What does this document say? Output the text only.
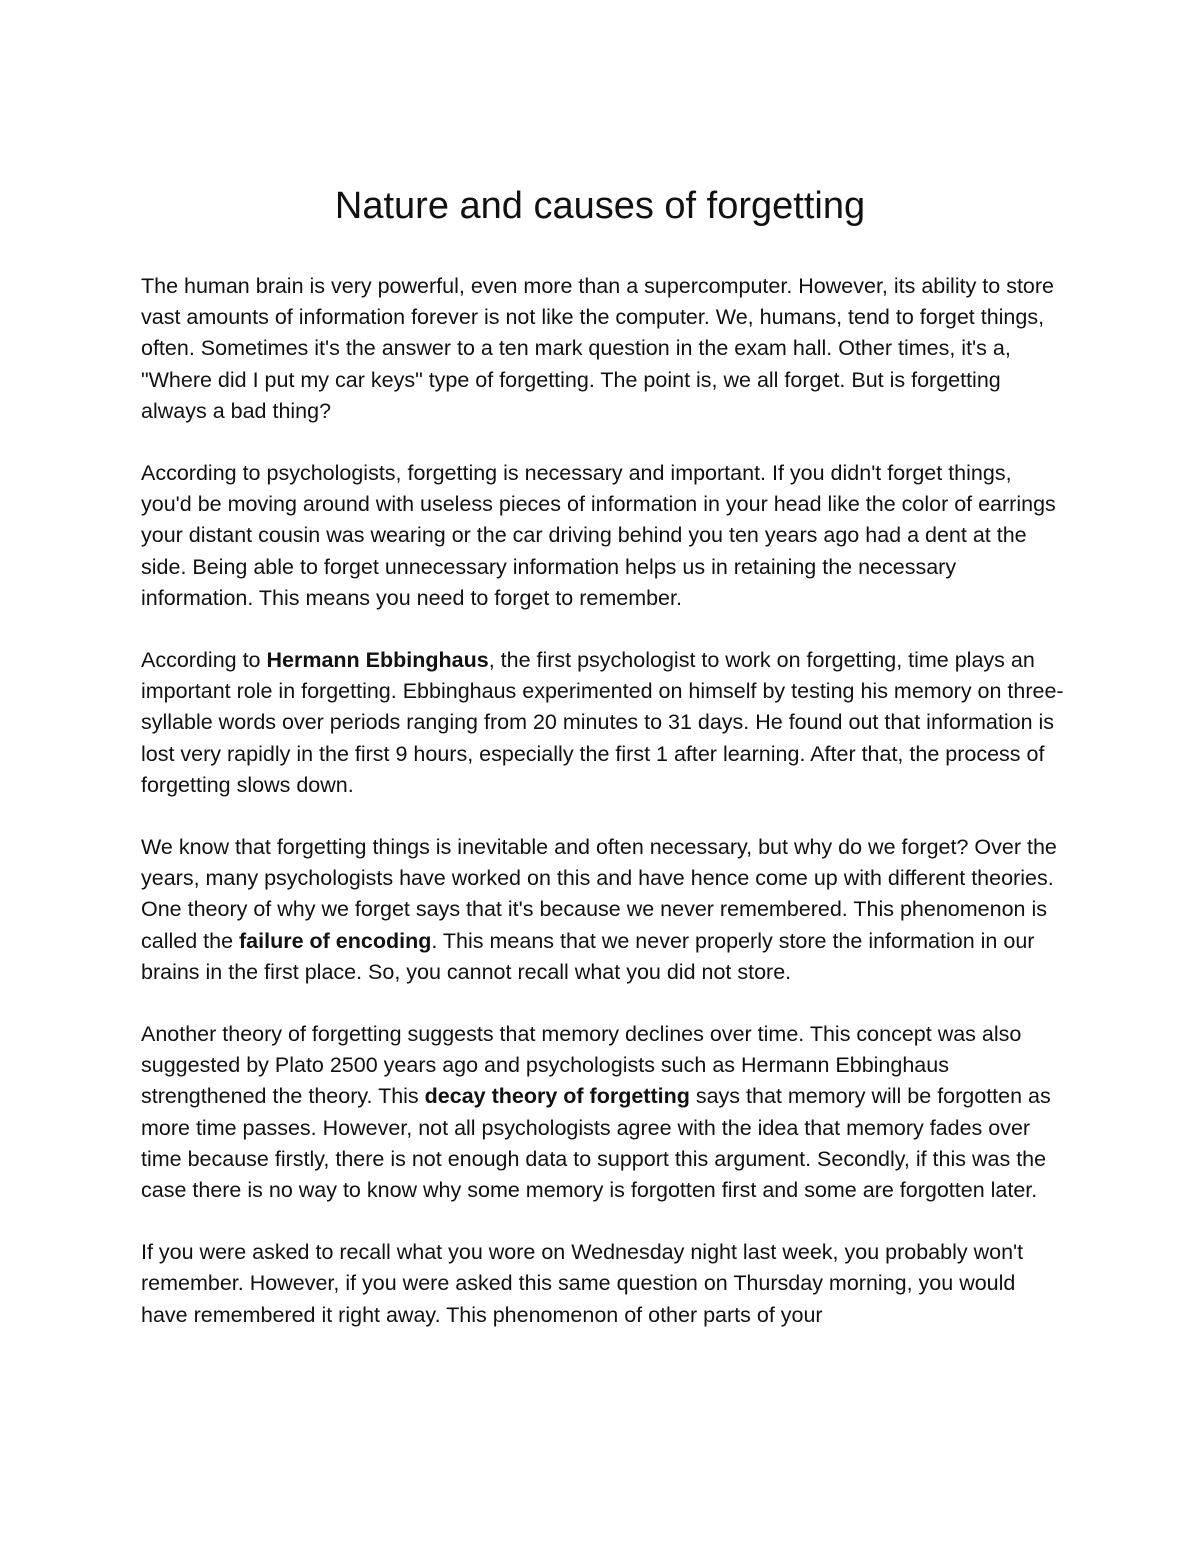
Nature and causes of forgetting

The human brain is very powerful, even more than a supercomputer. However, its ability to store vast amounts of information forever is not like the computer. We, humans, tend to forget things, often. Sometimes it's the answer to a ten mark question in the exam hall. Other times, it's a, "Where did I put my car keys" type of forgetting. The point is, we all forget. But is forgetting always a bad thing?

According to psychologists, forgetting is necessary and important. If you didn't forget things, you'd be moving around with useless pieces of information in your head like the color of earrings your distant cousin was wearing or the car driving behind you ten years ago had a dent at the side. Being able to forget unnecessary information helps us in retaining the necessary information. This means you need to forget to remember.

According to Hermann Ebbinghaus, the first psychologist to work on forgetting, time plays an important role in forgetting. Ebbinghaus experimented on himself by testing his memory on three-syllable words over periods ranging from 20 minutes to 31 days. He found out that information is lost very rapidly in the first 9 hours, especially the first 1 after learning. After that, the process of forgetting slows down.

We know that forgetting things is inevitable and often necessary, but why do we forget? Over the years, many psychologists have worked on this and have hence come up with different theories. One theory of why we forget says that it's because we never remembered. This phenomenon is called the failure of encoding. This means that we never properly store the information in our brains in the first place. So, you cannot recall what you did not store.

Another theory of forgetting suggests that memory declines over time. This concept was also suggested by Plato 2500 years ago and psychologists such as Hermann Ebbinghaus strengthened the theory. This decay theory of forgetting says that memory will be forgotten as more time passes. However, not all psychologists agree with the idea that memory fades over time because firstly, there is not enough data to support this argument. Secondly, if this was the case there is no way to know why some memory is forgotten first and some are forgotten later.

If you were asked to recall what you wore on Wednesday night last week, you probably won't remember. However, if you were asked this same question on Thursday morning, you would have remembered it right away. This phenomenon of other parts of your
